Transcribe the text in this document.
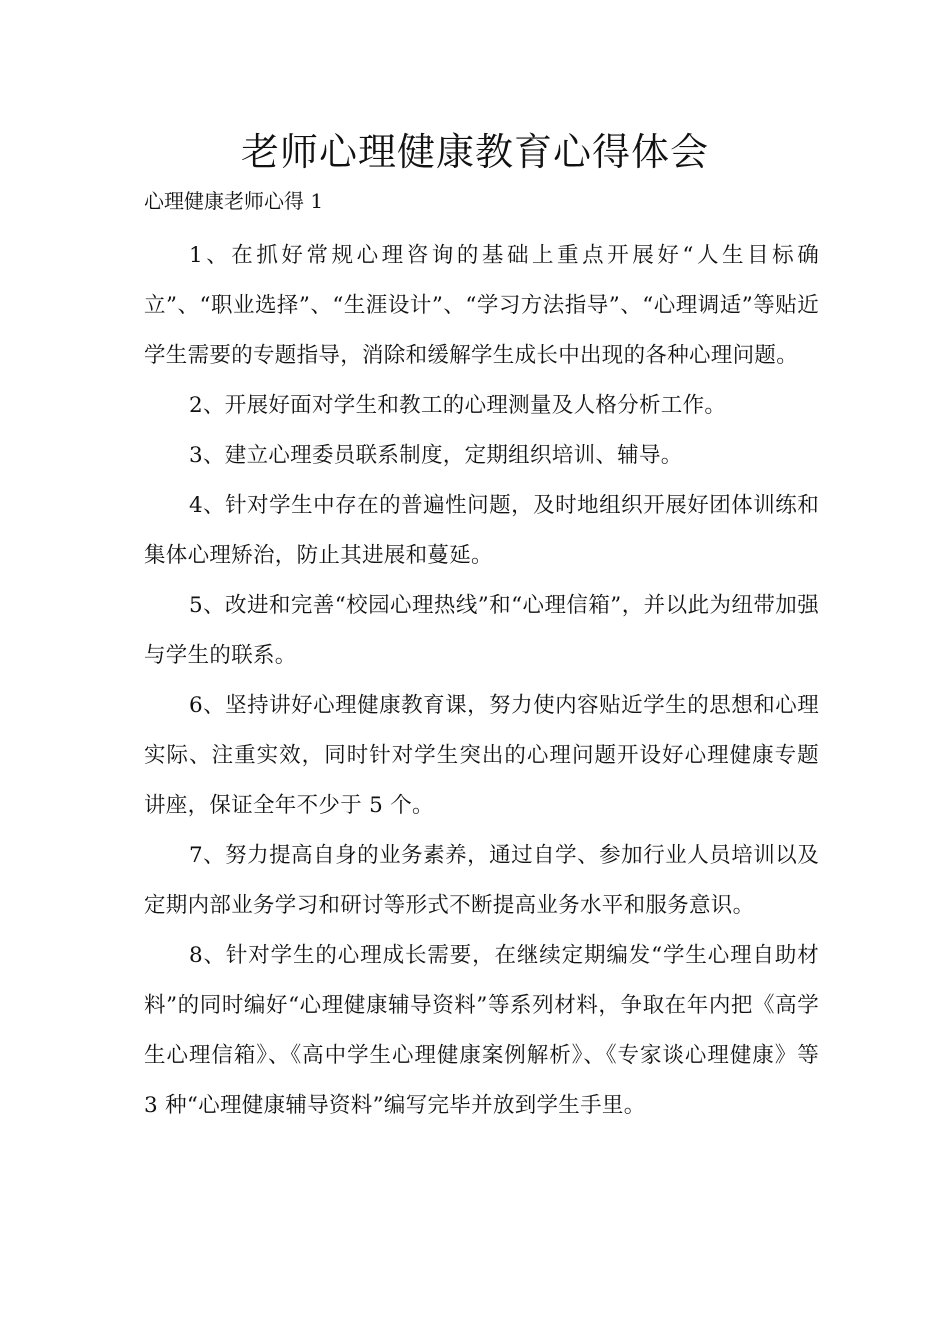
老师心理健康教育心得体会

心理健康老师心得 1

1、在抓好常规心理咨询的基础上重点开展好“人生目标确立”、“职业选择”、“生涯设计”、“学习方法指导”、“心理调适”等贴近学生需要的专题指导，消除和缓解学生成长中出现的各种心理问题。

2、开展好面对学生和教工的心理测量及人格分析工作。

3、建立心理委员联系制度，定期组织培训、辅导。

4、针对学生中存在的普遍性问题，及时地组织开展好团体训练和集体心理矫治，防止其进展和蔓延。

5、改进和完善“校园心理热线”和“心理信箱”，并以此为纽带加强与学生的联系。

6、坚持讲好心理健康教育课，努力使内容贴近学生的思想和心理实际、注重实效，同时针对学生突出的心理问题开设好心理健康专题讲座，保证全年不少于 5 个。

7、努力提高自身的业务素养，通过自学、参加行业人员培训以及定期内部业务学习和研讨等形式不断提高业务水平和服务意识。

8、针对学生的心理成长需要，在继续定期编发“学生心理自助材料”的同时编好“心理健康辅导资料”等系列材料，争取在年内把《高学生心理信箱》、《高中学生心理健康案例解析》、《专家谈心理健康》等 3 种“心理健康辅导资料”编写完毕并放到学生手里。
